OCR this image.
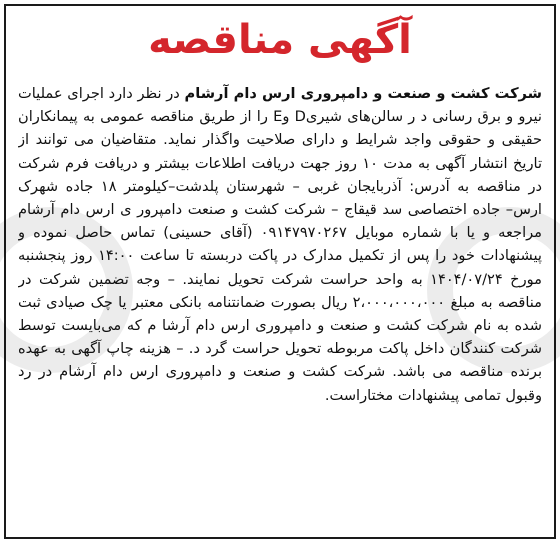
آگهی مناقصه

شرکت کشت و صنعت و دامپروری ارس دام آرشام در نظر دارد اجرای عملیات نیرو و برق رسانی د ر سالن‌های شیریD وE را از طریق مناقصه عمومی به پیمانکاران حقیقی و حقوقی واجد شرایط و دارای صلاحیت واگذار نماید. متقاضیان می توانند از تاریخ انتشار آگهی به مدت ۱۰ روز جهت دریافت اطلاعات بیشتر و دریافت فرم شرکت در مناقصه به آدرس: آذربایجان غربی – شهرستان پلدشت–کیلومتر ۱۸ جاده شهرک ارس– جاده اختصاصی سد قیقاج – شرکت کشت و صنعت دامپرور ی ارس دام آرشام مراجعه و یا با شماره موبایل ۰۹۱۴۷۹۷۰۲۶۷ (آقای حسینی) تماس حاصل نموده و پیشنهادات خود را پس از تکمیل مدارک در پاکت دربسته تا ساعت ۱۴:۰۰ روز پنجشنبه مورخ ۱۴۰۴/۰۷/۲۴ به واحد حراست شرکت تحویل نمایند. – وجه تضمین شرکت در مناقصه به مبلغ ۲،۰۰۰،۰۰۰،۰۰۰ ریال بصورت ضمانتنامه بانکی معتبر یا چک صیادی ثبت شده به نام شرکت کشت و صنعت و دامپروری ارس دام آرشا م که می‌بایست توسط شرکت کنندگان داخل پاکت مربوطه تحویل حراست گرد د. – هزینه چاپ آگهی به عهده برنده مناقصه می باشد. شرکت کشت و صنعت و دامپروری ارس دام آرشام در رد وقبول تمامی پیشنهادات مختاراست.
